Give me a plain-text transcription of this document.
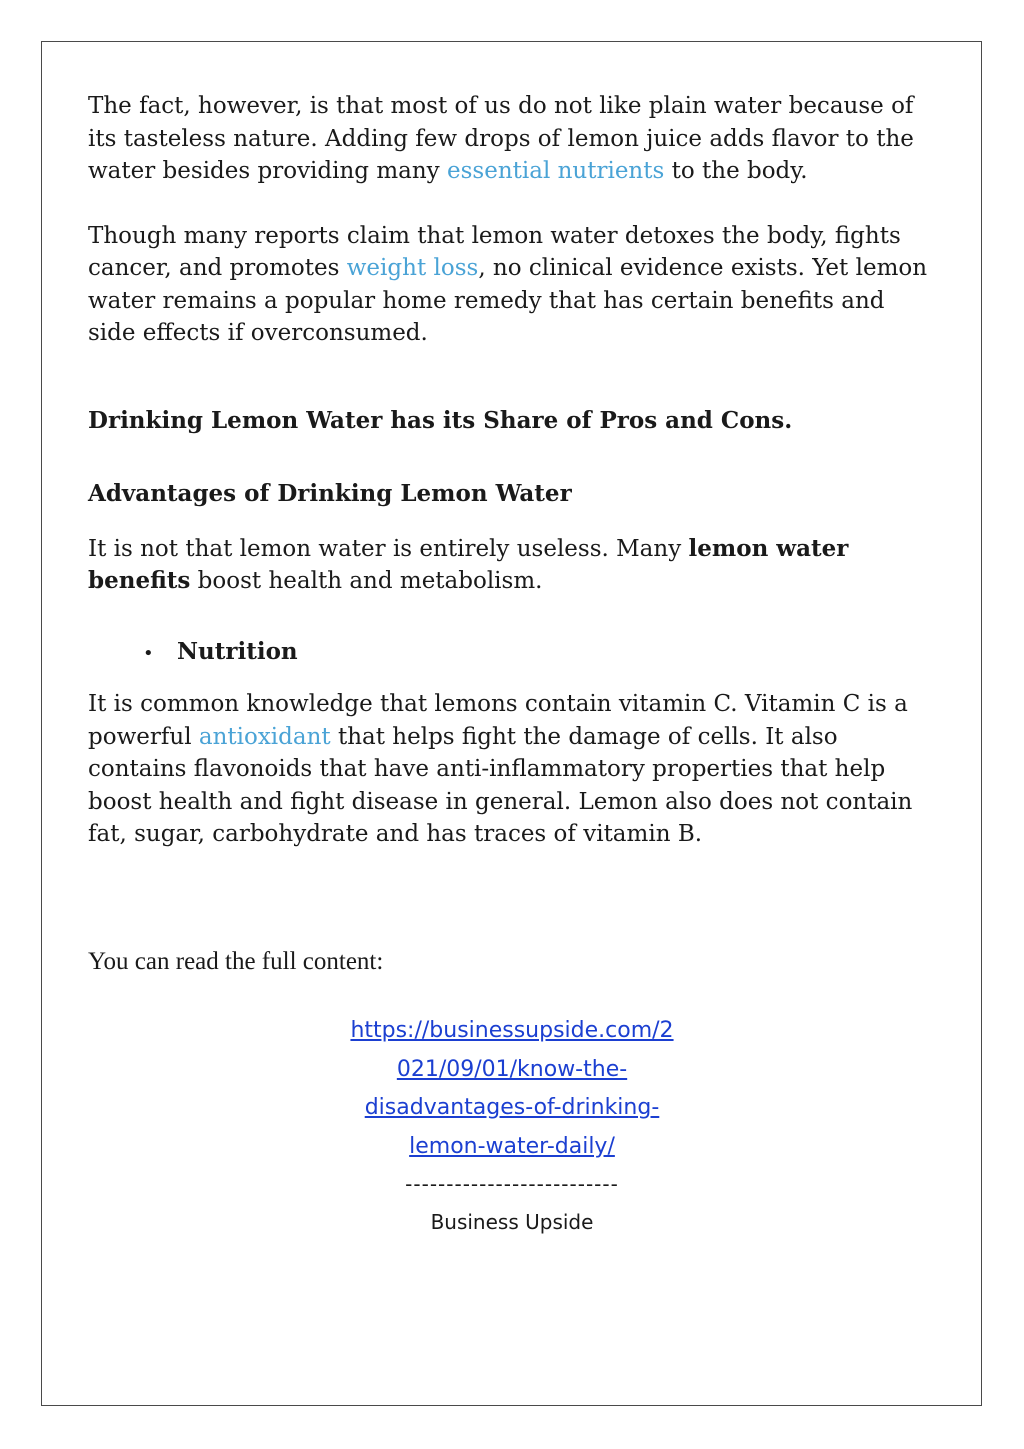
The fact, however, is that most of us do not like plain water because of its tasteless nature. Adding few drops of lemon juice adds flavor to the water besides providing many essential nutrients to the body.

Though many reports claim that lemon water detoxes the body, fights cancer, and promotes weight loss, no clinical evidence exists. Yet lemon water remains a popular home remedy that has certain benefits and side effects if overconsumed.

Drinking Lemon Water has its Share of Pros and Cons.
Advantages of Drinking Lemon Water

It is not that lemon water is entirely useless. Many lemon water benefits boost health and metabolism.

•	Nutrition

It is common knowledge that lemons contain vitamin C. Vitamin C is a powerful antioxidant that helps fight the damage of cells. It also contains flavonoids that have anti-inflammatory properties that help boost health and fight disease in general. Lemon also does not contain fat, sugar, carbohydrate and has traces of vitamin B.

You can read the full content:

https://businessupside.com/2
021/09/01/know-the-
disadvantages-of-drinking-
lemon-water-daily/
--------------------------
Business Upside
